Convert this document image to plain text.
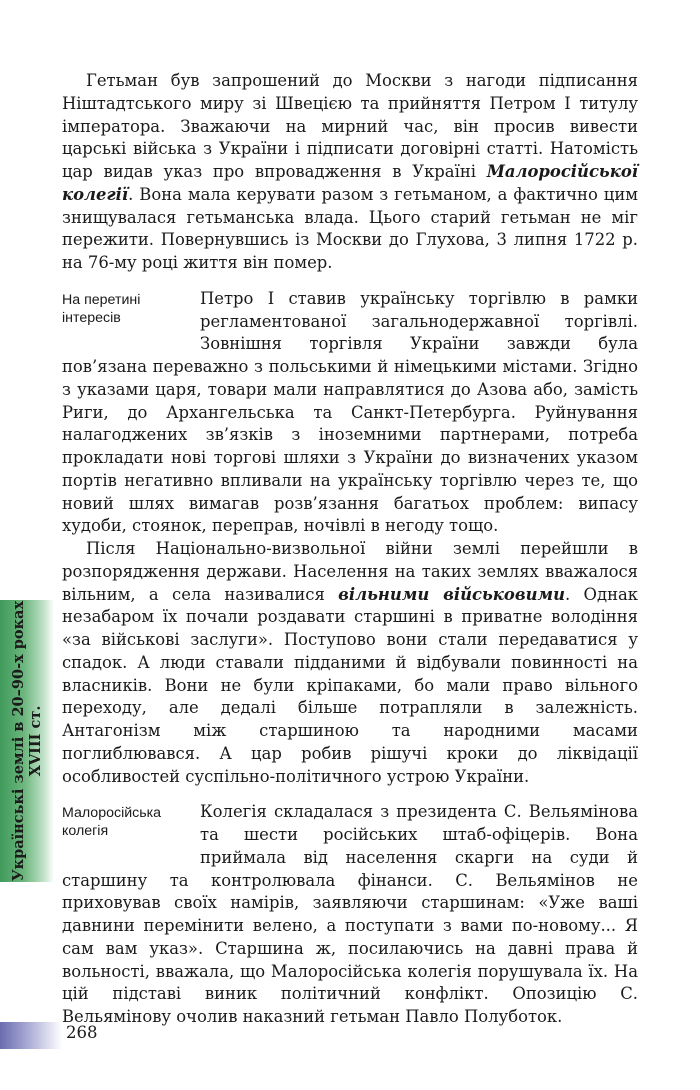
Українські землі в 20–90-х роках XVIII ст.

Гетьман був запрошений до Москви з нагоди підписання Ніштадтського миру зі Швецією та прийняття Петром I титулу імператора. Зважаючи на мирний час, він просив вивести царські війська з України і підписати договірні статті. Натомість цар видав указ про впровадження в Україні Малоросійської колегії. Вона мала керувати разом з гетьманом, а фактично цим знищувалася гетьманська влада. Цього старий гетьман не міг пережити. Повернувшись із Москви до Глухова, 3 липня 1722 р. на 76-му році життя він помер.

На перетині
інтересів

Петро I ставив українську торгівлю в рамки регламентованої загальнодержавної торгівлі. Зовнішня торгівля України завжди була пов’язана переважно з польськими й німецькими містами. Згідно з указами царя, товари мали направлятися до Азова або, замість Риги, до Архангельська та Санкт-Петербурга. Руйнування налагоджених зв’язків з іноземними партнерами, потреба прокладати нові торгові шляхи з України до визначених указом портів негативно впливали на українську торгівлю через те, що новий шлях вимагав розв’язання багатьох проблем: випасу худоби, стоянок, переправ, ночівлі в негоду тощо.

Після Національно-визвольної війни землі перейшли в розпорядження держави. Населення на таких землях вважалося вільним, а села називалися вільними військовими. Однак незабаром їх почали роздавати старшині в приватне володіння «за військові заслуги». Поступово вони стали передаватися у спадок. А люди ставали підданими й відбували повинності на власників. Вони не були кріпаками, бо мали право вільного переходу, але дедалі більше потрапляли в залежність. Антагонізм між старшиною та народними масами поглиблювався. А цар робив рішучі кроки до ліквідації особливостей суспільно-політичного устрою України.

Малоросійська
колегія

Колегія складалася з президента С. Вельямінова та шести російських штаб-офіцерів. Вона приймала від населення скарги на суди й старшину та контролювала фінанси. С. Вельямінов не приховував своїх намірів, заявляючи старшинам: «Уже ваші давнини перемінити велено, а поступати з вами по-новому... Я сам вам указ». Старшина ж, посилаючись на давні права й вольності, вважала, що Малоросійська колегія порушувала їх. На цій підставі виник політичний конфлікт. Опозицію С. Вельямінову очолив наказний гетьман Павло Полуботок.

268
